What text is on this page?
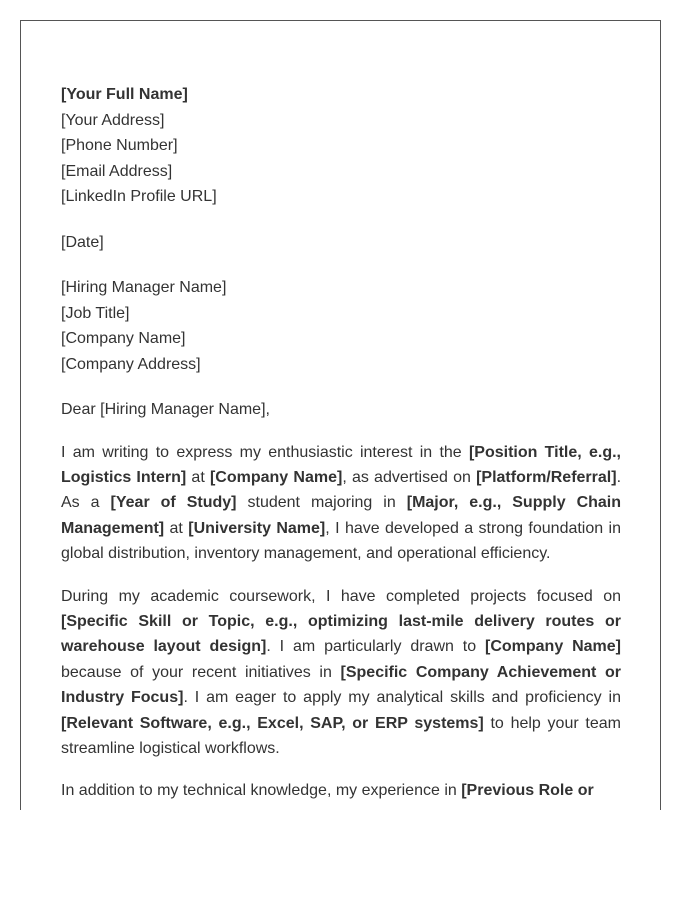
[Your Full Name]
[Your Address]
[Phone Number]
[Email Address]
[LinkedIn Profile URL]
[Date]
[Hiring Manager Name]
[Job Title]
[Company Name]
[Company Address]
Dear [Hiring Manager Name],

I am writing to express my enthusiastic interest in the [Position Title, e.g., Logistics Intern] at [Company Name], as advertised on [Platform/Referral]. As a [Year of Study] student majoring in [Major, e.g., Supply Chain Management] at [University Name], I have developed a strong foundation in global distribution, inventory management, and operational efficiency.

During my academic coursework, I have completed projects focused on [Specific Skill or Topic, e.g., optimizing last-mile delivery routes or warehouse layout design]. I am particularly drawn to [Company Name] because of your recent initiatives in [Specific Company Achievement or Industry Focus]. I am eager to apply my analytical skills and proficiency in [Relevant Software, e.g., Excel, SAP, or ERP systems] to help your team streamline logistical workflows.

In addition to my technical knowledge, my experience in [Previous Role or
